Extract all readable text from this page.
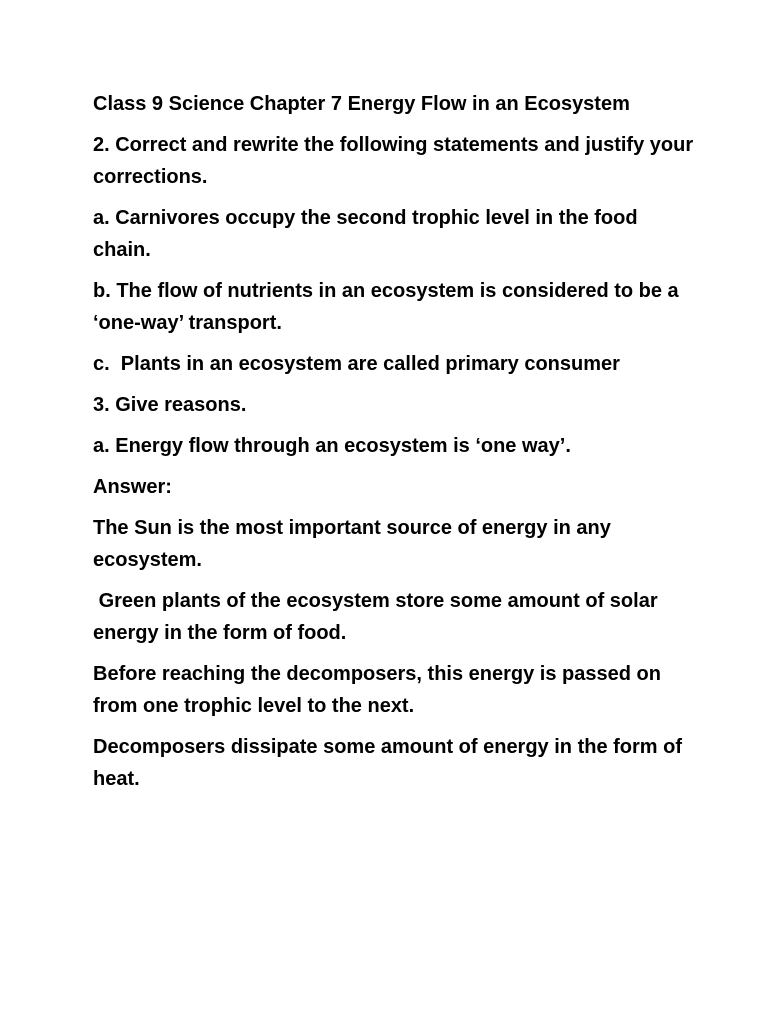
Class 9 Science Chapter 7 Energy Flow in an Ecosystem

2. Correct and rewrite the following statements and justify your corrections.

a. Carnivores occupy the second trophic level in the food chain.

b. The flow of nutrients in an ecosystem is considered to be a ‘one-way’ transport.

c.  Plants in an ecosystem are called primary consumer

3. Give reasons.

a. Energy flow through an ecosystem is ‘one way’.

Answer:

The Sun is the most important source of energy in any ecosystem.

Green plants of the ecosystem store some amount of solar energy in the form of food.

Before reaching the decomposers, this energy is passed on from one trophic level to the next.

Decomposers dissipate some amount of energy in the form of heat.
